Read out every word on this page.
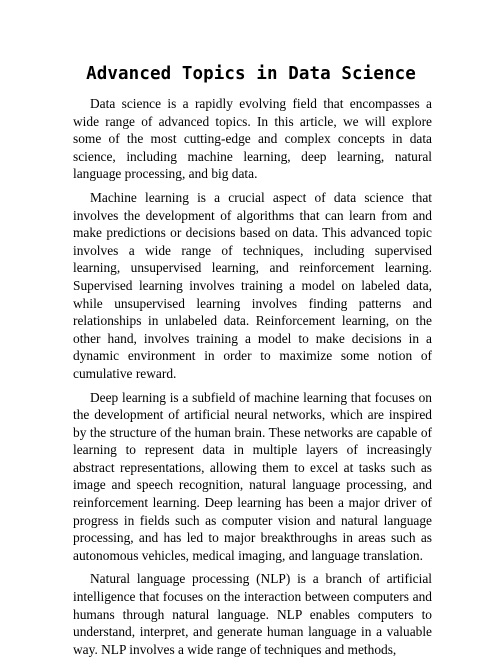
Advanced Topics in Data Science

Data science is a rapidly evolving field that encompasses a wide range of advanced topics. In this article, we will explore some of the most cutting-edge and complex concepts in data science, including machine learning, deep learning, natural language processing, and big data.

Machine learning is a crucial aspect of data science that involves the development of algorithms that can learn from and make predictions or decisions based on data. This advanced topic involves a wide range of techniques, including supervised learning, unsupervised learning, and reinforcement learning. Supervised learning involves training a model on labeled data, while unsupervised learning involves finding patterns and relationships in unlabeled data. Reinforcement learning, on the other hand, involves training a model to make decisions in a dynamic environment in order to maximize some notion of cumulative reward.

Deep learning is a subfield of machine learning that focuses on the development of artificial neural networks, which are inspired by the structure of the human brain. These networks are capable of learning to represent data in multiple layers of increasingly abstract representations, allowing them to excel at tasks such as image and speech recognition, natural language processing, and reinforcement learning. Deep learning has been a major driver of progress in fields such as computer vision and natural language processing, and has led to major breakthroughs in areas such as autonomous vehicles, medical imaging, and language translation.

Natural language processing (NLP) is a branch of artificial intelligence that focuses on the interaction between computers and humans through natural language. NLP enables computers to understand, interpret, and generate human language in a valuable way. NLP involves a wide range of techniques and methods,
